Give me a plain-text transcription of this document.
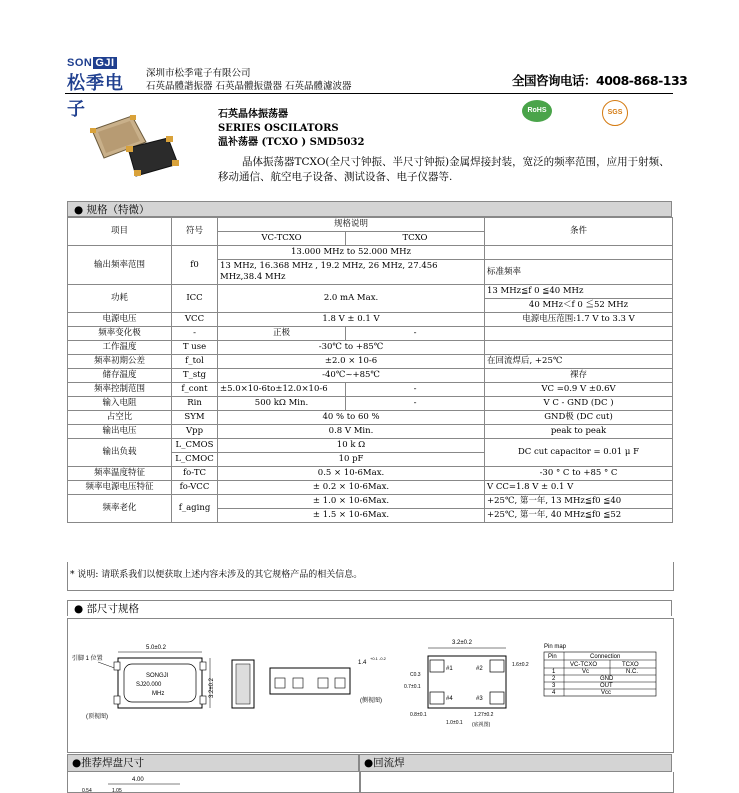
SON GJI
松季电子
深圳市松季電子有限公司
石英晶體諧振器 石英晶體振盪器 石英晶體濾波器	全国咨询电话：4008-868-133
石英晶体振荡器
SERIES OSCILATORS
温补荡器 (TCXO ) SMD5032
晶体振荡器TCXO(全尺寸钟振、半尺寸钟振)金属焊接封装，宽泛的频率范围，应用于射频、移动通信、航空电子设备、测试设备、电子仪器等.
RoHS	SGS
● 规格（特微）
项目	符号	规格说明		条件
		VC-TCXO	TCXO	
输出频率范围	f0	13.000 MHz to 52.000 MHz		
		13 MHz, 16.368 MHz , 19.2 MHz, 26 MHz, 27.456 MHz,38.4 MHz		标准频率
功耗	ICC	2.0 mA Max.		13 MHz≦f 0 ≦40 MHz
				40 MHz＜f 0 ≦52 MHz
电源电压	VCC	1.8 V ± 0.1 V		电源电压范围:1.7 V to 3.3 V
频率变化极	-	正极	-	
工作温度	T use	-30℃ to +85℃		
频率初期公差	f_tol	±2.0 × 10-6		在回流焊后, +25℃
储存温度	T_stg	-40℃~+85℃		裸存
频率控制范围	f_cont	±5.0×10-6to±12.0×10-6	-	VC =0.9 V ±0.6V
输入电阻	Rin	500 kΩ Min.	-	V C - GND (DC )
占空比	SYM	40 % to 60 %		GND极 (DC cut)
输出电压	Vpp	0.8 V Min.		peak to peak
输出负载	L_CMOS	10 k Ω		DC cut capacitor = 0.01 μ F
	L_CMOC	10 pF		
频率温度特征	fo-TC	0.5 × 10-6Max.		-30 ° C to +85 ° C
频率电源电压特征	fo-VCC	± 0.2 × 10-6Max.		V CC=1.8 V ± 0.1 V
频率老化	f_aging	± 1.0 × 10-6Max.		+25℃, 第一年, 13 MHz≦f0 ≦40
		± 1.5 × 10-6Max.		+25℃, 第一年, 40 MHz≦f0 ≦52
* 说明: 请联系我们以便获取上述内容未涉及的其它规格产品的相关信息。
● 部尺寸规格
引脚 1 位置
SONGJI
SJ20.000
MHz
5.0±0.2
3.2±0.2
(顶视图)
1.4
+0.1 -0.2
(侧视图)
#1	#2
#4	#3
3.2±0.2
1.6±0.2
C0.3
0.7±0.1
0.8±0.1
1.0±0.1
1.27±0.2
(底视图)
Pin map
Pin	Connection
VC-TCXO	TCXO
1	Vc	N.C.
2	GND
3	OUT
4	Vcc
●推荐焊盘尺寸	●回流焊
4.00
0.54	1.05
